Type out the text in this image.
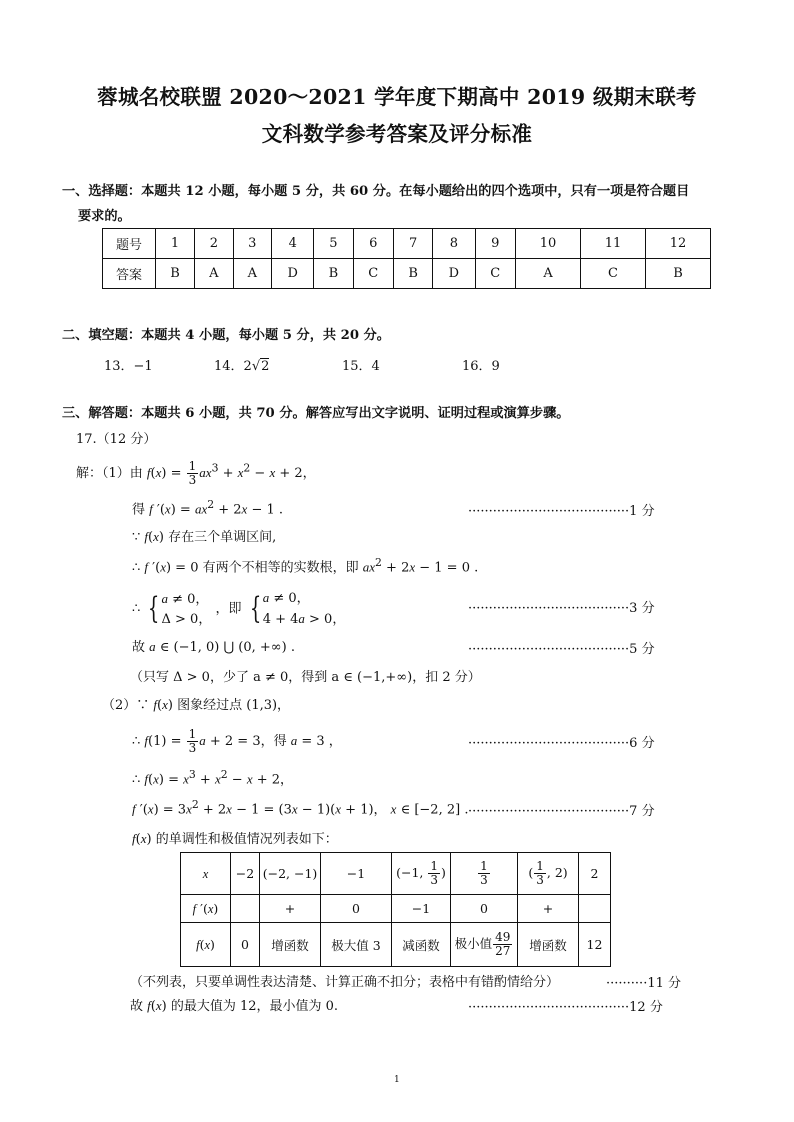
蓉城名校联盟 2020～2021 学年度下期高中 2019 级期末联考
文科数学参考答案及评分标准
一、选择题：本题共 12 小题，每小题 5 分，共 60 分。在每小题给出的四个选项中，只有一项是符合题目
要求的。
题号	1	2	3	4	5	6	7	8	9	10	11	12
答案	B	A	A	D	B	C	B	D	C	A	C	B
二、填空题：本题共 4 小题，每小题 5 分，共 20 分。
13．−1	14．2√2	15．4	16．9
三、解答题：本题共 6 小题，共 70 分。解答应写出文字说明、证明过程或演算步骤。
17.（12 分）
解：（1）由 $f(x) = \frac{1}{3} ax^3 + x^2 - x + 2$，
得 f $'(x) = ax^2 + 2x - 1$ .	·······································1 分
∵ f(x) 存在三个单调区间,
∴ f ′(x) = 0 有两个不相等的实数根，即 $ax^2 + 2x - 1 = 0$ .
∴ { a ≠ 0，
Δ > 0， ，即 { a ≠ 0，
4 + 4a > 0，
·······································3 分
故 a ∈ (−1, 0) ⋃ (0, +∞) .	·······································5 分
（只写 Δ > 0，少了 a ≠ 0，得到 a ∈ (−1,+∞)，扣 2 分）
（2）∵ f(x) 图象经过点 (1,3)，
∴ $f(1) = \frac{1}{3}$ a + 2 = 3，得 a = 3 ，	·······································6 分
∴ $f(x) = x^3 + x^2 - x + 2$，
f $'(x) = 3x^2 + 2x - 1 = (3x - 1)(x + 1)$， x ∈ [−2, 2] . ·······································7 分
f(x) 的单调性和极值情况列表如下：
x	−2	(−2, −1)	−1	(−1, $\frac{1}{3}$ )	$\frac{1}{3}$	( $\frac{1}{3}$ , 2)	2
f ′(x)		+	0	−1	0	+	
f(x)	0	增函数	极大值 3	减函数	极小值 $\frac{49}{27}$	增函数	12
（不列表，只要单调性表达清楚、计算正确不扣分；表格中有错酌情给分）	··········11 分
故 f(x) 的最大值为 12，最小值为 0.	·······································12 分
1
